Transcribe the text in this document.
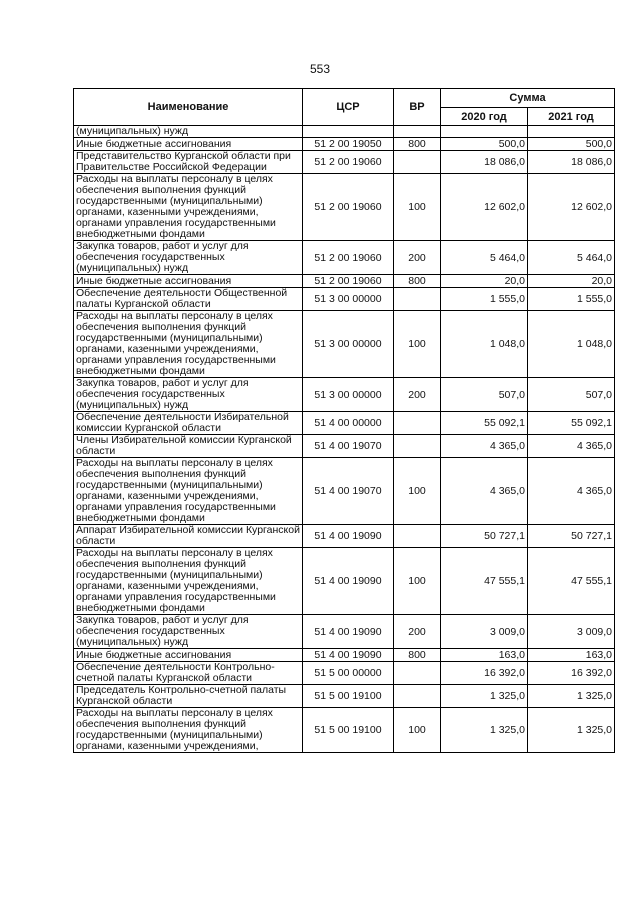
553
Наименование	ЦСР	ВР	Сумма	
			2020 год	2021 год
(муниципальных) нужд				
Иные бюджетные ассигнования	51 2 00 19050	800	500,0	500,0
Представительство Курганской области при Правительстве Российской Федерации	51 2 00 19060		18 086,0	18 086,0
Расходы на выплаты персоналу в целях обеспечения выполнения функций государственными (муниципальными) органами, казенными учреждениями, органами управления государственными внебюджетными фондами	51 2 00 19060	100	12 602,0	12 602,0
Закупка товаров, работ и услуг для обеспечения государственных (муниципальных) нужд	51 2 00 19060	200	5 464,0	5 464,0
Иные бюджетные ассигнования	51 2 00 19060	800	20,0	20,0
Обеспечение деятельности Общественной палаты Курганской области	51 3 00 00000		1 555,0	1 555,0
Расходы на выплаты персоналу в целях обеспечения выполнения функций государственными (муниципальными) органами, казенными учреждениями, органами управления государственными внебюджетными фондами	51 3 00 00000	100	1 048,0	1 048,0
Закупка товаров, работ и услуг для обеспечения государственных (муниципальных) нужд	51 3 00 00000	200	507,0	507,0
Обеспечение деятельности Избирательной комиссии Курганской области	51 4 00 00000		55 092,1	55 092,1
Члены Избирательной комиссии Курганской области	51 4 00 19070		4 365,0	4 365,0
Расходы на выплаты персоналу в целях обеспечения выполнения функций государственными (муниципальными) органами, казенными учреждениями, органами управления государственными внебюджетными фондами	51 4 00 19070	100	4 365,0	4 365,0
Аппарат Избирательной комиссии Курганской области	51 4 00 19090		50 727,1	50 727,1
Расходы на выплаты персоналу в целях обеспечения выполнения функций государственными (муниципальными) органами, казенными учреждениями, органами управления государственными внебюджетными фондами	51 4 00 19090	100	47 555,1	47 555,1
Закупка товаров, работ и услуг для обеспечения государственных (муниципальных) нужд	51 4 00 19090	200	3 009,0	3 009,0
Иные бюджетные ассигнования	51 4 00 19090	800	163,0	163,0
Обеспечение деятельности Контрольно-счетной палаты Курганской области	51 5 00 00000		16 392,0	16 392,0
Председатель Контрольно-счетной палаты Курганской области	51 5 00 19100		1 325,0	1 325,0
Расходы на выплаты персоналу в целях обеспечения выполнения функций государственными (муниципальными) органами, казенными учреждениями,	51 5 00 19100	100	1 325,0	1 325,0
